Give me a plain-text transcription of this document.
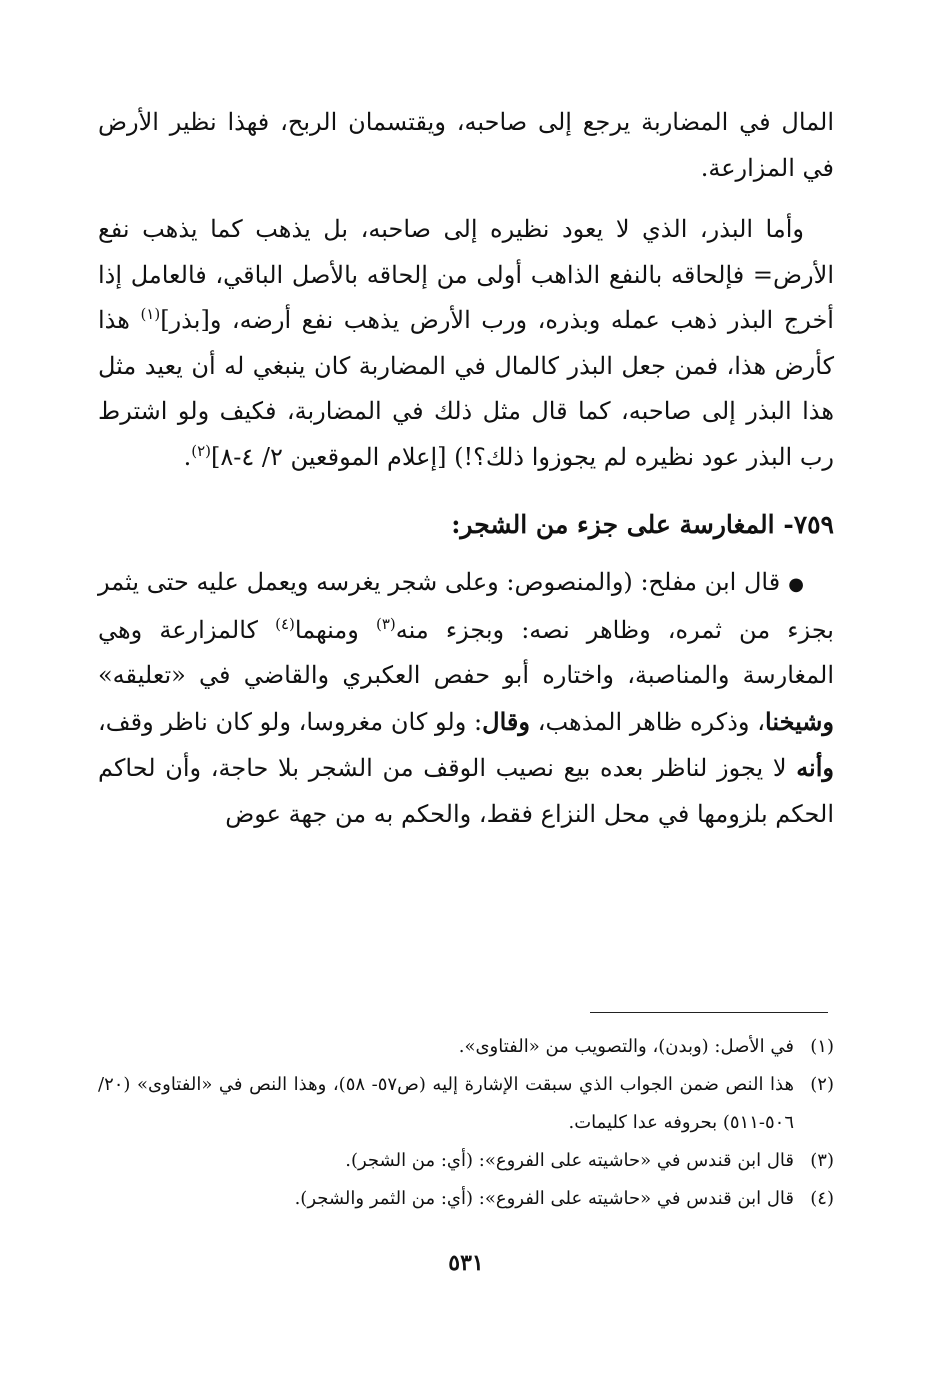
المال في المضاربة يرجع إلى صاحبه، ويقتسمان الربح، فهذا نظير الأرض في المزارعة.

وأما البذر، الذي لا يعود نظيره إلى صاحبه، بل يذهب كما يذهب نفع الأرض= فإلحاقه بالنفع الذاهب أولى من إلحاقه بالأصل الباقي، فالعامل إذا أخرج البذر ذهب عمله وبذره، ورب الأرض يذهب نفع أرضه، و[بذر]$^{(١)}$ هذا كأرض هذا، فمن جعل البذر كالمال في المضاربة كان ينبغي له أن يعيد مثل هذا البذر إلى صاحبه، كما قال مثل ذلك في المضاربة، فكيف ولو اشترط رب البذر عود نظيره لم يجوزوا ذلك؟!) [إعلام الموقعين ٢/ ٤-٨]$^{(٢)}$.

٧٥٩- المغارسة على جزء من الشجر:

●قال ابن مفلح: (والمنصوص: وعلى شجر يغرسه ويعمل عليه حتى يثمر بجزء من ثمره، وظاهر نصه: وبجزء منه$^{(٣)}$ ومنهما$^{(٤)}$ كالمزارعة وهي المغارسة والمناصبة، واختاره أبو حفص العكبري والقاضي في «تعليقه» وشيخنا، وذكره ظاهر المذهب، وقال: ولو كان مغروسا، ولو كان ناظر وقف، وأنه لا يجوز لناظر بعده بيع نصيب الوقف من الشجر بلا حاجة، وأن لحاكم الحكم بلزومها في محل النزاع فقط، والحكم به من جهة عوض

(١)
في الأصل: (وبدن)، والتصويب من «الفتاوى».
(٢)
هذا النص ضمن الجواب الذي سبقت الإشارة إليه (ص٥٧- ٥٨)، وهذا النص في «الفتاوى» (٢٠/ ٥٠٦-٥١١) بحروفه عدا كليمات.
(٣)
قال ابن قندس في «حاشيته على الفروع»: (أي: من الشجر).
(٤)
قال ابن قندس في «حاشيته على الفروع»: (أي: من الثمر والشجر).
٥٣١
